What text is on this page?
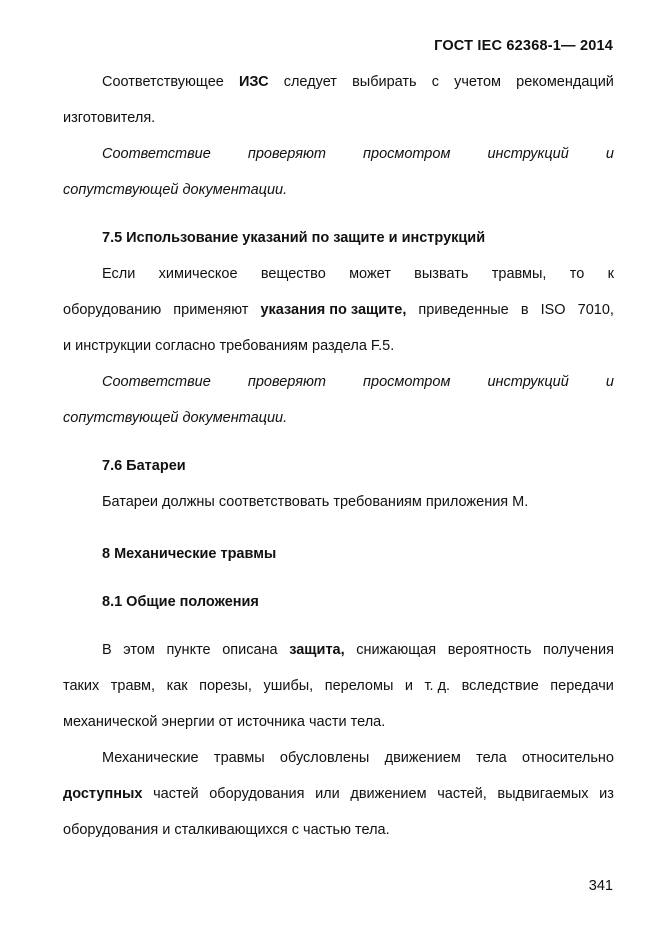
ГОСТ IEC 62368-1― 2014
Соответствующее ИЗС следует выбирать с учетом рекомендаций
изготовителя.
Соответствие	проверяют	просмотром	инструкций	и
сопутствующей документации.
7.5 Использование указаний по защите и инструкций
Если химическое вещество может вызвать травмы, то к
оборудованию применяют указания по защите, приведенные в ISO 7010,
и инструкции согласно требованиям раздела F.5.
Соответствие	проверяют	просмотром	инструкций	и
сопутствующей документации.
7.6 Батареи
Батареи должны соответствовать требованиям приложения М.
8 Механические травмы
8.1 Общие положения
В этом пункте описана защита, снижающая вероятность получения
таких травм, как порезы, ушибы, переломы и т. д. вследствие передачи
механической энергии от источника части тела.
Механические травмы обусловлены движением тела относительно
доступных частей оборудования или движением частей, выдвигаемых из
оборудования и сталкивающихся с частью тела.
341
